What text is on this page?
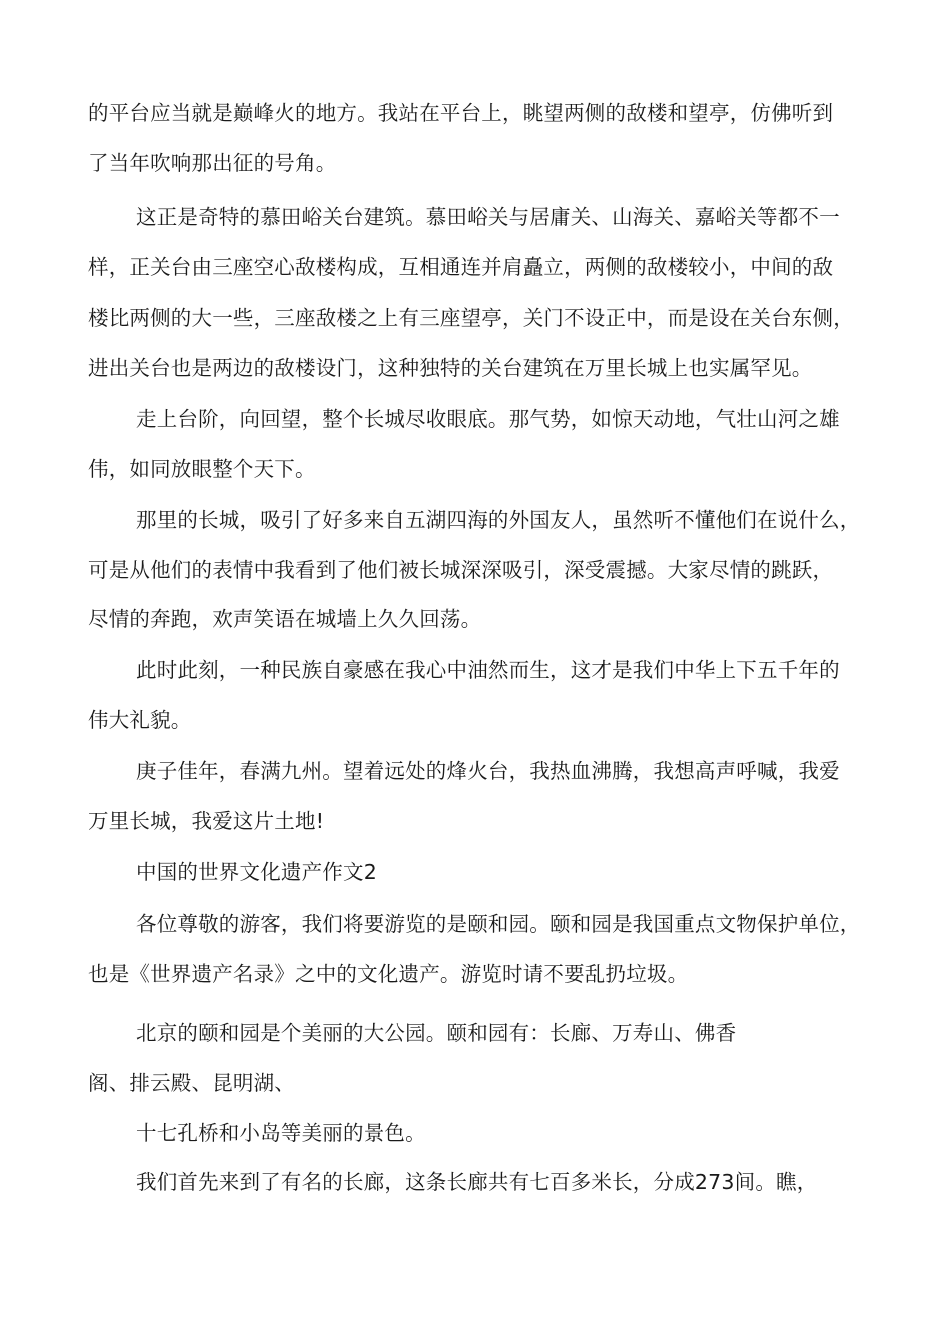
的平台应当就是巅峰火的地方。我站在平台上，眺望两侧的敌楼和望亭，仿佛听到

了当年吹响那出征的号角。

这正是奇特的慕田峪关台建筑。慕田峪关与居庸关、山海关、嘉峪关等都不一

样，正关台由三座空心敌楼构成，互相通连并肩矗立，两侧的敌楼较小，中间的敌

楼比两侧的大一些，三座敌楼之上有三座望亭，关门不设正中，而是设在关台东侧，

进出关台也是两边的敌楼设门，这种独特的关台建筑在万里长城上也实属罕见。

走上台阶，向回望，整个长城尽收眼底。那气势，如惊天动地，气壮山河之雄

伟，如同放眼整个天下。

那里的长城，吸引了好多来自五湖四海的外国友人，虽然听不懂他们在说什么，

可是从他们的表情中我看到了他们被长城深深吸引，深受震撼。大家尽情的跳跃，

尽情的奔跑，欢声笑语在城墙上久久回荡。

此时此刻，一种民族自豪感在我心中油然而生，这才是我们中华上下五千年的

伟大礼貌。

庚子佳年，春满九州。望着远处的烽火台，我热血沸腾，我想高声呼喊，我爱

万里长城，我爱这片土地!

中国的世界文化遗产作文2

各位尊敬的游客，我们将要游览的是颐和园。颐和园是我国重点文物保护单位，

也是《世界遗产名录》之中的文化遗产。游览时请不要乱扔垃圾。

北京的颐和园是个美丽的大公园。颐和园有：长廊、万寿山、佛香

阁、排云殿、昆明湖、

十七孔桥和小岛等美丽的景色。

我们首先来到了有名的长廊，这条长廊共有七百多米长，分成273间。瞧，
